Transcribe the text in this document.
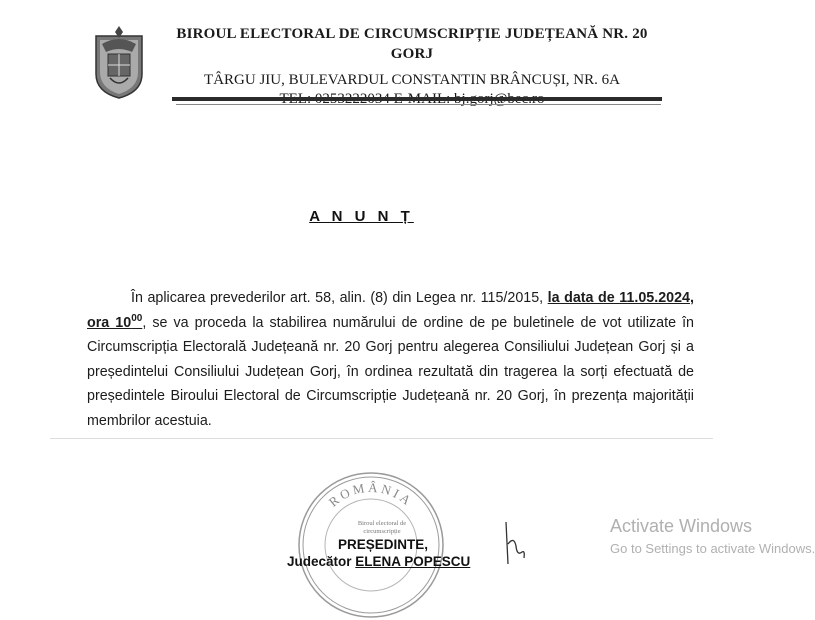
BIROUL ELECTORAL DE CIRCUMSCRIPȚIE JUDEȚEANĂ NR. 20 GORJ
TÂRGU JIU, BULEVARDUL CONSTANTIN BRÂNCUȘI, NR. 6A
A N U N Ț
În aplicarea prevederilor art. 58, alin. (8) din Legea nr. 115/2015, la data de 11.05.2024, ora $10^{00}$, se va proceda la stabilirea numărului de ordine de pe buletinele de vot utilizate în Circumscripția Electorală Județeană nr. 20 Gorj pentru alegerea Consiliului Județean Gorj și a președintelui Consiliului Județean Gorj, în ordinea rezultată din tragerea la sorți efectuată de președintele Biroului Electoral de Circumscripție Județeană nr. 20 Gorj, în prezența majorității membrilor acestuia.
ROMÂNIA
Biroul electoral de circumscripție
PREȘEDINTE,
Judecător ELENA POPESCU
Activate Windows
Go to Settings to activate Windows.
